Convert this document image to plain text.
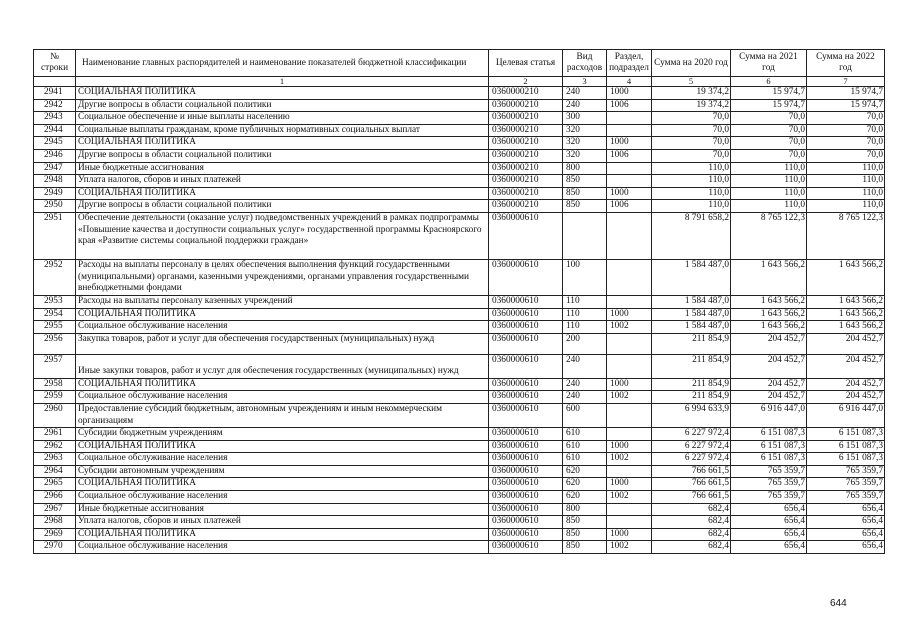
№ строки	Наименование главных распорядителей и наименование показателей бюджетной классификации	Целевая статья	Вид расходов	Раздел, подраздел	Сумма на 2020 год	Сумма на 2021 год	Сумма на 2022 год
	1	2	3	4	5	6	7
2941	СОЦИАЛЬНАЯ ПОЛИТИКА	0360000210	240	1000	19 374,2	15 974,7	15 974,7
2942	Другие вопросы в области социальной политики	0360000210	240	1006	19 374,2	15 974,7	15 974,7
2943	Социальное обеспечение и иные выплаты населению	0360000210	300		70,0	70,0	70,0
2944	Социальные выплаты гражданам, кроме публичных нормативных социальных выплат	0360000210	320		70,0	70,0	70,0
2945	СОЦИАЛЬНАЯ ПОЛИТИКА	0360000210	320	1000	70,0	70,0	70,0
2946	Другие вопросы в области социальной политики	0360000210	320	1006	70,0	70,0	70,0
2947	Иные бюджетные ассигнования	0360000210	800		110,0	110,0	110,0
2948	Уплата налогов, сборов и иных платежей	0360000210	850		110,0	110,0	110,0
2949	СОЦИАЛЬНАЯ ПОЛИТИКА	0360000210	850	1000	110,0	110,0	110,0
2950	Другие вопросы в области социальной политики	0360000210	850	1006	110,0	110,0	110,0
2951	Обеспечение деятельности (оказание услуг) подведомственных учреждений в рамках подпрограммы «Повышение качества и доступности социальных услуг» государственной программы Красноярского края «Развитие системы социальной поддержки граждан»	0360000610			8 791 658,2	8 765 122,3	8 765 122,3
2952	Расходы на выплаты персоналу в целях обеспечения выполнения функций государственными (муниципальными) органами, казенными учреждениями, органами управления государственными внебюджетными фондами	0360000610	100		1 584 487,0	1 643 566,2	1 643 566,2
2953	Расходы на выплаты персоналу казенных учреждений	0360000610	110		1 584 487,0	1 643 566,2	1 643 566,2
2954	СОЦИАЛЬНАЯ ПОЛИТИКА	0360000610	110	1000	1 584 487,0	1 643 566,2	1 643 566,2
2955	Социальное обслуживание населения	0360000610	110	1002	1 584 487,0	1 643 566,2	1 643 566,2
2956	Закупка товаров, работ и услуг для обеспечения государственных (муниципальных) нужд	0360000610	200		211 854,9	204 452,7	204 452,7
2957	Иные закупки товаров, работ и услуг для обеспечения государственных (муниципальных) нужд	0360000610	240		211 854,9	204 452,7	204 452,7
2958	СОЦИАЛЬНАЯ ПОЛИТИКА	0360000610	240	1000	211 854,9	204 452,7	204 452,7
2959	Социальное обслуживание населения	0360000610	240	1002	211 854,9	204 452,7	204 452,7
2960	Предоставление субсидий бюджетным, автономным учреждениям и иным некоммерческим организациям	0360000610	600		6 994 633,9	6 916 447,0	6 916 447,0
2961	Субсидии бюджетным учреждениям	0360000610	610		6 227 972,4	6 151 087,3	6 151 087,3
2962	СОЦИАЛЬНАЯ ПОЛИТИКА	0360000610	610	1000	6 227 972,4	6 151 087,3	6 151 087,3
2963	Социальное обслуживание населения	0360000610	610	1002	6 227 972,4	6 151 087,3	6 151 087,3
2964	Субсидии автономным учреждениям	0360000610	620		766 661,5	765 359,7	765 359,7
2965	СОЦИАЛЬНАЯ ПОЛИТИКА	0360000610	620	1000	766 661,5	765 359,7	765 359,7
2966	Социальное обслуживание населения	0360000610	620	1002	766 661,5	765 359,7	765 359,7
2967	Иные бюджетные ассигнования	0360000610	800		682,4	656,4	656,4
2968	Уплата налогов, сборов и иных платежей	0360000610	850		682,4	656,4	656,4
2969	СОЦИАЛЬНАЯ ПОЛИТИКА	0360000610	850	1000	682,4	656,4	656,4
2970	Социальное обслуживание населения	0360000610	850	1002	682,4	656,4	656,4
644
